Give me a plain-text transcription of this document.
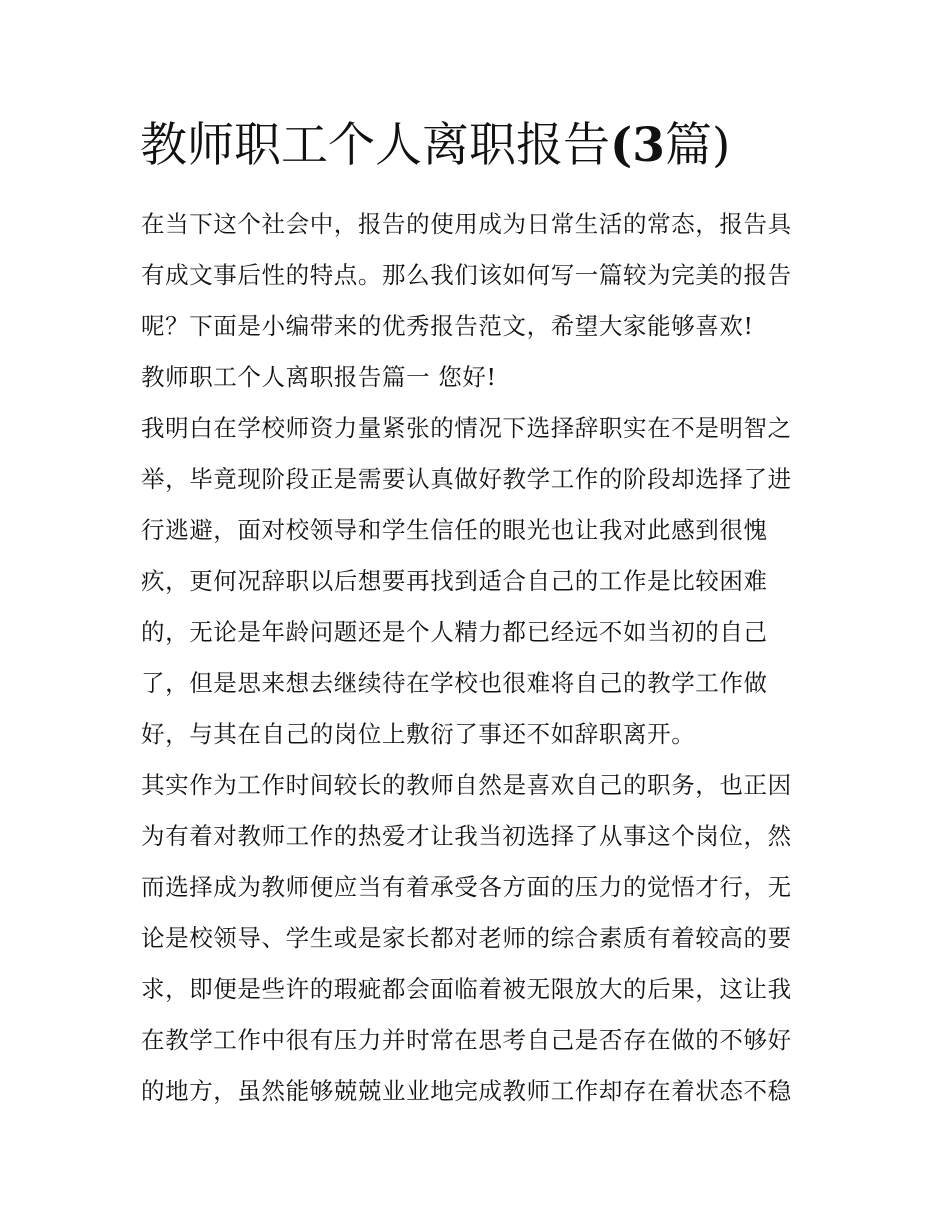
教师职工个人离职报告(3篇)
在当下这个社会中，报告的使用成为日常生活的常态，报告具
有成文事后性的特点。那么我们该如何写一篇较为完美的报告
呢？下面是小编带来的优秀报告范文，希望大家能够喜欢!
教师职工个人离职报告篇一 您好!
我明白在学校师资力量紧张的情况下选择辞职实在不是明智之
举，毕竟现阶段正是需要认真做好教学工作的阶段却选择了进
行逃避，面对校领导和学生信任的眼光也让我对此感到很愧
疚，更何况辞职以后想要再找到适合自己的工作是比较困难
的，无论是年龄问题还是个人精力都已经远不如当初的自己
了，但是思来想去继续待在学校也很难将自己的教学工作做
好，与其在自己的岗位上敷衍了事还不如辞职离开。
其实作为工作时间较长的教师自然是喜欢自己的职务，也正因
为有着对教师工作的热爱才让我当初选择了从事这个岗位，然
而选择成为教师便应当有着承受各方面的压力的觉悟才行，无
论是校领导、学生或是家长都对老师的综合素质有着较高的要
求，即便是些许的瑕疵都会面临着被无限放大的后果，这让我
在教学工作中很有压力并时常在思考自己是否存在做的不够好
的地方，虽然能够兢兢业业地完成教师工作却存在着状态不稳
